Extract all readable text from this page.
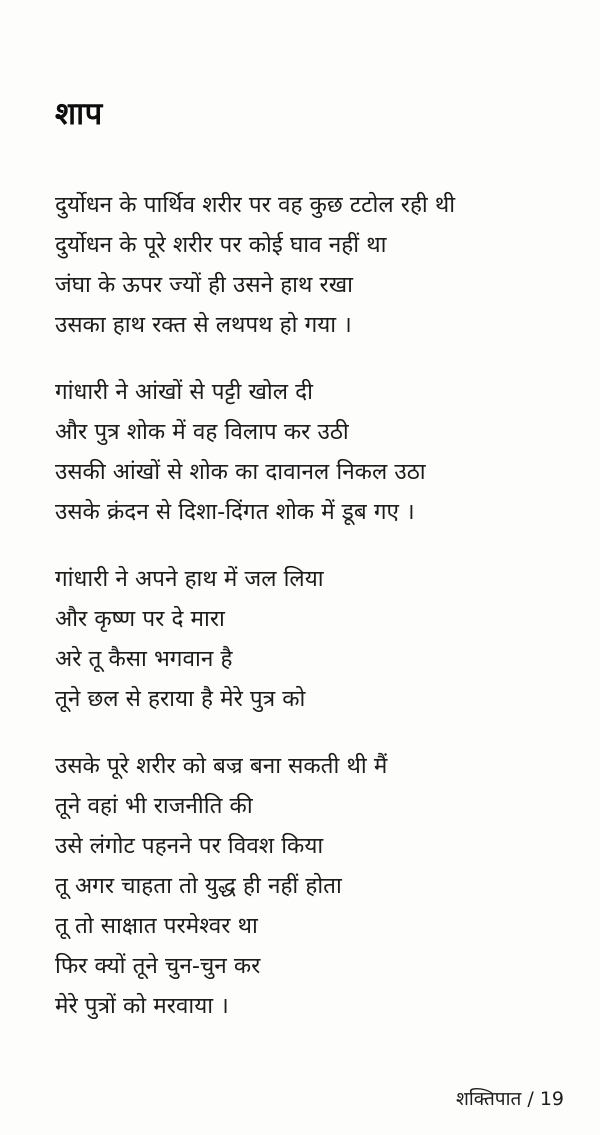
शाप
दुर्योधन के पार्थिव शरीर पर वह कुछ टटोल रही थी
दुर्योधन के पूरे शरीर पर कोई घाव नहीं था
जंघा के ऊपर ज्यों ही उसने हाथ रखा
उसका हाथ रक्त से लथपथ हो गया ।
गांधारी ने आंखों से पट्टी खोल दी
और पुत्र शोक में वह विलाप कर उठी
उसकी आंखों से शोक का दावानल निकल उठा
उसके क्रंदन से दिशा-दिंगत शोक में डूब गए ।
गांधारी ने अपने हाथ में जल लिया
और कृष्ण पर दे मारा
अरे तू कैसा भगवान है
तूने छल से हराया है मेरे पुत्र को
उसके पूरे शरीर को बज्र बना सकती थी मैं
तूने वहां भी राजनीति की
उसे लंगोट पहनने पर विवश किया
तू अगर चाहता तो युद्ध ही नहीं होता
तू तो साक्षात परमेश्वर था
फिर क्यों तूने चुन-चुन कर
मेरे पुत्रों को मरवाया ।
शक्तिपात / 19
